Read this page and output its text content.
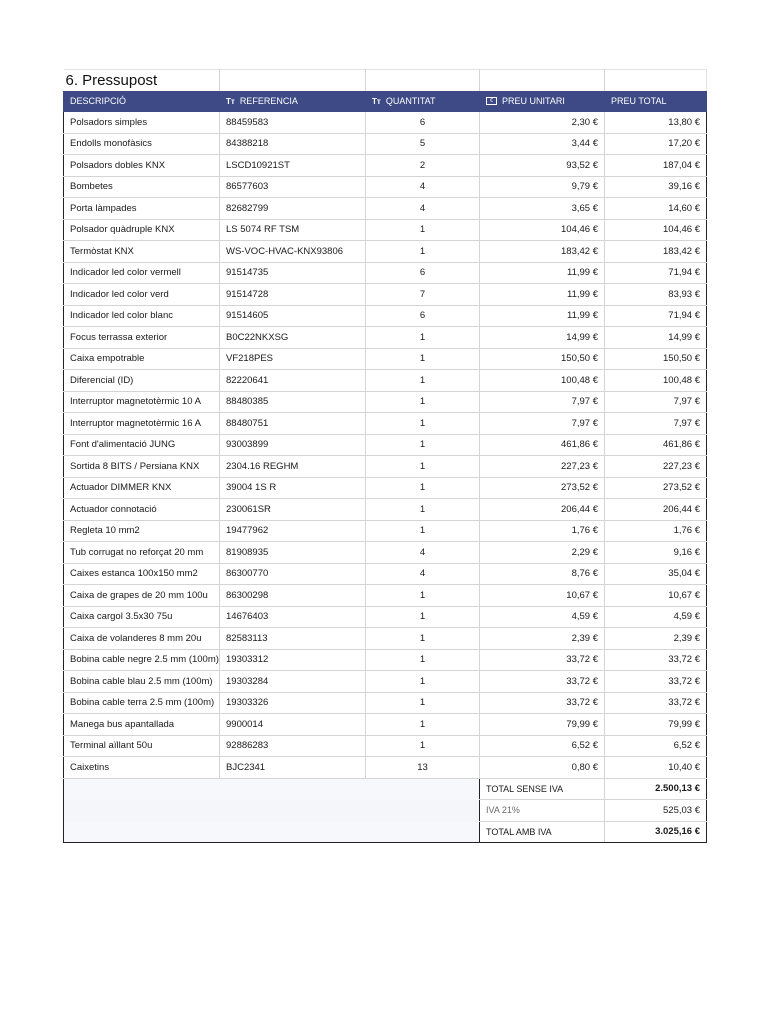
6. Pressupost				
DESCRIPCIÓ	Tᴛ REFERENCIA	Tᴛ QUANTITAT	€ PREU UNITARI	PREU TOTAL
Polsadors simples	88459583	6	2,30 €	13,80 €
Endolls monofàsics	84388218	5	3,44 €	17,20 €
Polsadors dobles KNX	LSCD10921ST	2	93,52 €	187,04 €
Bombetes	86577603	4	9,79 €	39,16 €
Porta làmpades	82682799	4	3,65 €	14,60 €
Polsador quàdruple KNX	LS 5074 RF TSM	1	104,46 €	104,46 €
Termòstat KNX	WS-VOC-HVAC-KNX93806	1	183,42 €	183,42 €
Indicador led color vermell	91514735	6	11,99 €	71,94 €
Indicador led color verd	91514728	7	11,99 €	83,93 €
Indicador led color blanc	91514605	6	11,99 €	71,94 €
Focus terrassa exterior	B0C22NKXSG	1	14,99 €	14,99 €
Caixa empotrable	VF218PES	1	150,50 €	150,50 €
Diferencial (ID)	82220641	1	100,48 €	100,48 €
Interruptor magnetotèrmic 10 A	88480385	1	7,97 €	7,97 €
Interruptor magnetotèrmic 16 A	88480751	1	7,97 €	7,97 €
Font d'alimentació JUNG	93003899	1	461,86 €	461,86 €
Sortida 8 BITS / Persiana KNX	2304.16 REGHM	1	227,23 €	227,23 €
Actuador DIMMER KNX	39004 1S R	1	273,52 €	273,52 €
Actuador connotació	230061SR	1	206,44 €	206,44 €
Regleta 10 mm2	19477962	1	1,76 €	1,76 €
Tub corrugat no reforçat 20 mm	81908935	4	2,29 €	9,16 €
Caixes estanca 100x150 mm2	86300770	4	8,76 €	35,04 €
Caixa de grapes de 20 mm 100u	86300298	1	10,67 €	10,67 €
Caixa cargol 3.5x30 75u	14676403	1	4,59 €	4,59 €
Caixa de volanderes 8 mm 20u	82583113	1	2,39 €	2,39 €
Bobina cable negre 2.5 mm (100m)	19303312	1	33,72 €	33,72 €
Bobina cable blau 2.5 mm (100m)	19303284	1	33,72 €	33,72 €
Bobina cable terra 2.5 mm (100m)	19303326	1	33,72 €	33,72 €
Manega bus apantallada	9900014	1	79,99 €	79,99 €
Terminal aïllant 50u	92886283	1	6,52 €	6,52 €
Caixetins	BJC2341	13	0,80 €	10,40 €
			TOTAL SENSE IVA	2.500,13 €
			IVA 21%	525,03 €
			TOTAL AMB IVA	3.025,16 €
